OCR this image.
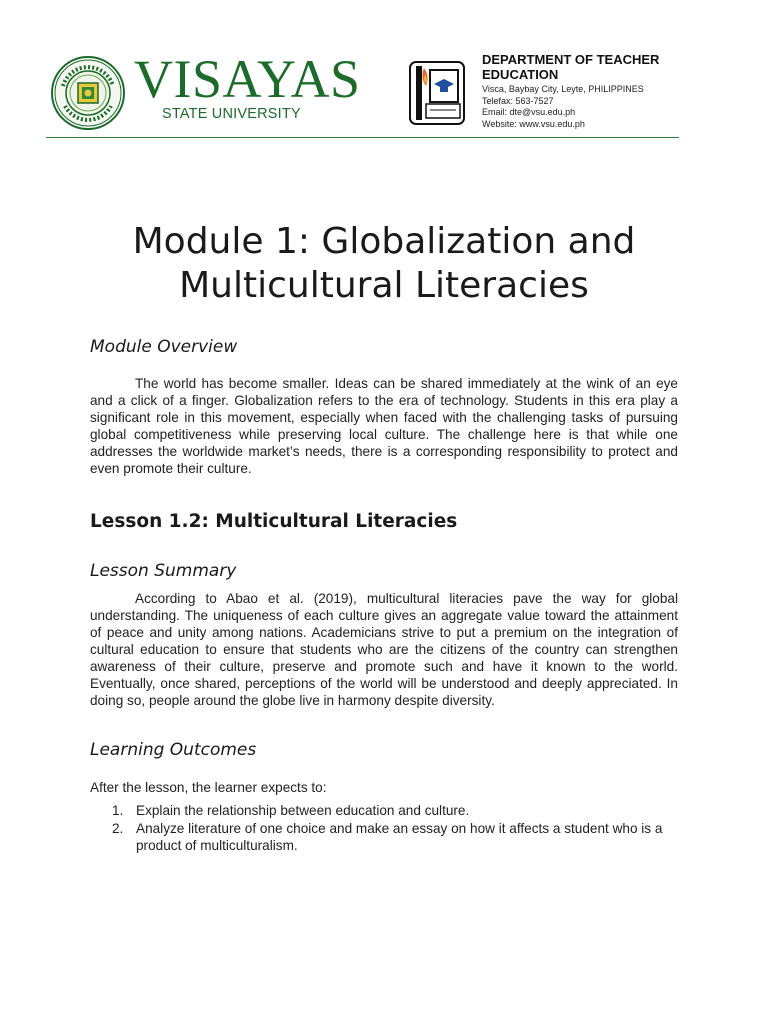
VISAYAS
STATE UNIVERSITY
DEPARTMENT OF TEACHER
EDUCATION
Visca, Baybay City, Leyte, PHILIPPINES
Telefax: 563-7527
Email: dte@vsu.edu.ph
Website: www.vsu.edu.ph
Module 1: Globalization and
Multicultural Literacies
Module Overview

The world has become smaller. Ideas can be shared immediately at the wink of an eye and a click of a finger. Globalization refers to the era of technology. Students in this era play a significant role in this movement, especially when faced with the challenging tasks of pursuing global competitiveness while preserving local culture. The challenge here is that while one addresses the worldwide market’s needs, there is a corresponding responsibility to protect and even promote their culture.

Lesson 1.2: Multicultural Literacies
Lesson Summary

According to Abao et al. (2019), multicultural literacies pave the way for global understanding. The uniqueness of each culture gives an aggregate value toward the attainment of peace and unity among nations. Academicians strive to put a premium on the integration of cultural education to ensure that students who are the citizens of the country can strengthen awareness of their culture, preserve and promote such and have it known to the world. Eventually, once shared, perceptions of the world will be understood and deeply appreciated. In doing so, people around the globe live in harmony despite diversity.

Learning Outcomes

After the lesson, the learner expects to:

1. Explain the relationship between education and culture.
2. Analyze literature of one choice and make an essay on how it affects a student who is a product of multiculturalism.
